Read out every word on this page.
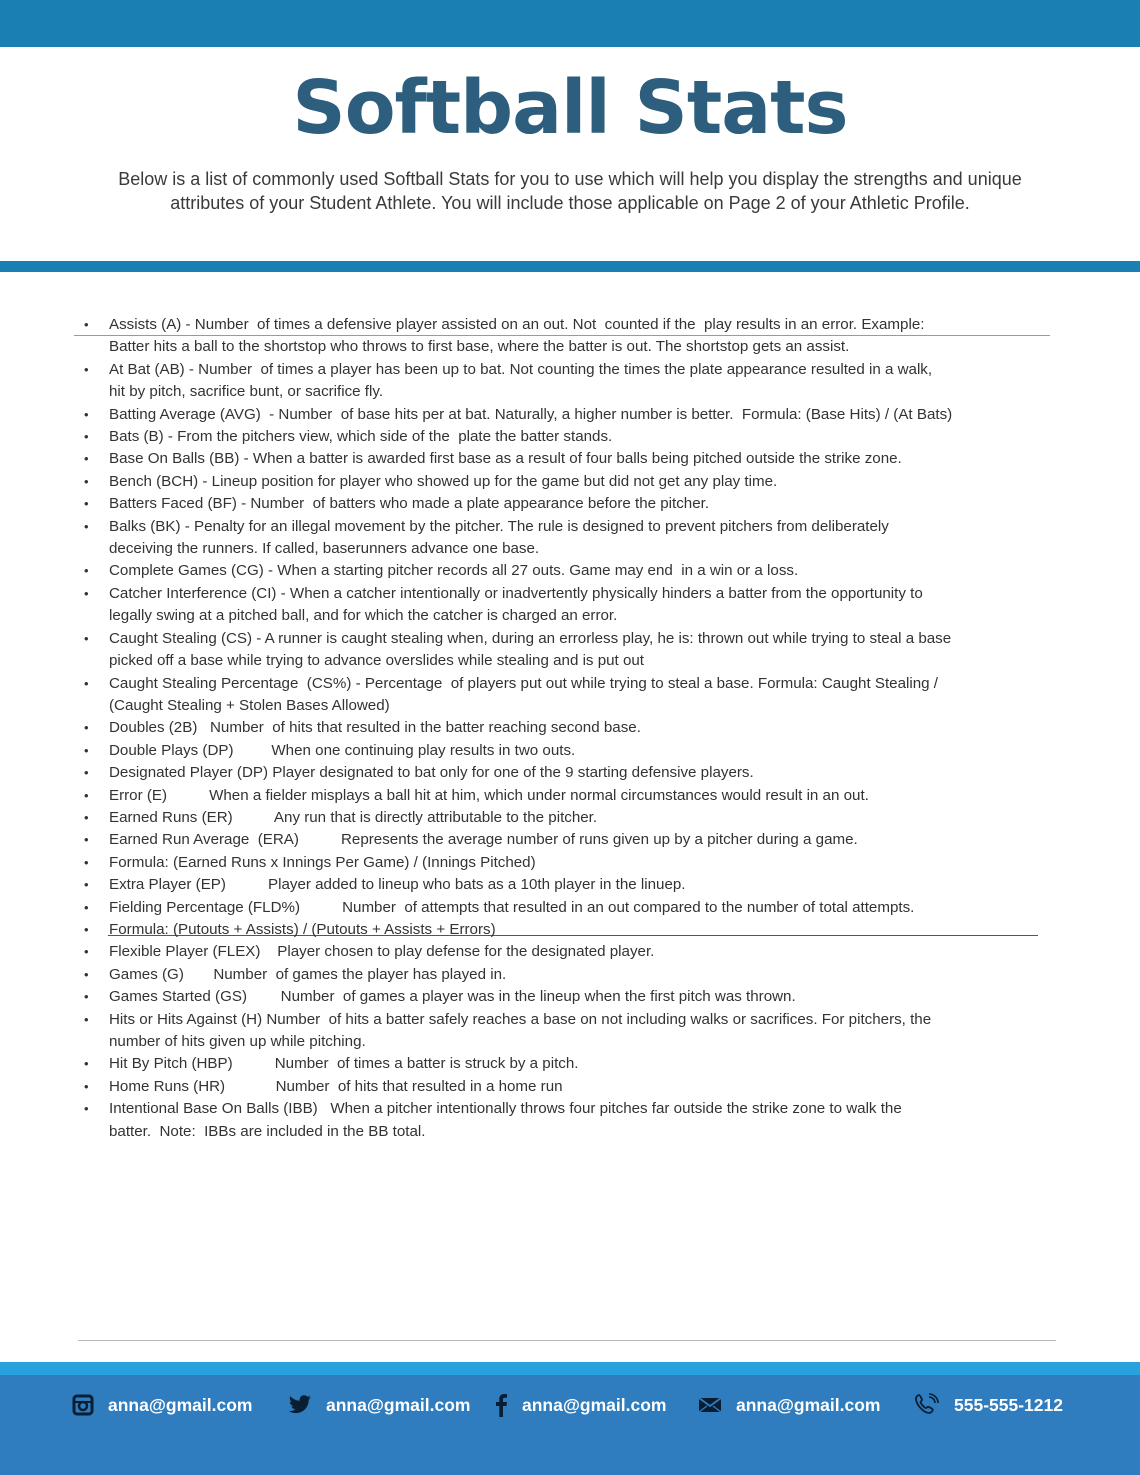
Softball Stats
Below is a list of commonly used Softball Stats for you to use which will help you display the strengths and unique
attributes of your Student Athlete. You will include those applicable on Page 2 of your Athletic Profile.
• Assists (A) - Number  of times a defensive player assisted on an out. Not  counted if the  play results in an error. Example:
Batter hits a ball to the shortstop who throws to first base, where the batter is out. The shortstop gets an assist.
• At Bat (AB) - Number  of times a player has been up to bat. Not counting the times the plate appearance resulted in a walk,
hit by pitch, sacrifice bunt, or sacrifice fly.
• Batting Average (AVG)  - Number  of base hits per at bat. Naturally, a higher number is better.  Formula: (Base Hits) / (At Bats)
• Bats (B) - From the pitchers view, which side of the  plate the batter stands.
• Base On Balls (BB) - When a batter is awarded first base as a result of four balls being pitched outside the strike zone.
• Bench (BCH) - Lineup position for player who showed up for the game but did not get any play time.
• Batters Faced (BF) - Number  of batters who made a plate appearance before the pitcher.
• Balks (BK) - Penalty for an illegal movement by the pitcher. The rule is designed to prevent pitchers from deliberately
deceiving the runners. If called, baserunners advance one base.
• Complete Games (CG) - When a starting pitcher records all 27 outs. Game may end  in a win or a loss.
• Catcher Interference (CI) - When a catcher intentionally or inadvertently physically hinders a batter from the opportunity to
legally swing at a pitched ball, and for which the catcher is charged an error.
• Caught Stealing (CS) - A runner is caught stealing when, during an errorless play, he is: thrown out while trying to steal a base
picked off a base while trying to advance overslides while stealing and is put out
• Caught Stealing Percentage  (CS%) - Percentage  of players put out while trying to steal a base. Formula: Caught Stealing /
(Caught Stealing + Stolen Bases Allowed)
• Doubles (2B)   Number  of hits that resulted in the batter reaching second base.
• Double Plays (DP)         When one continuing play results in two outs.
• Designated Player (DP) Player designated to bat only for one of the 9 starting defensive players.
• Error (E)          When a fielder misplays a ball hit at him, which under normal circumstances would result in an out.
• Earned Runs (ER)          Any run that is directly attributable to the pitcher.
• Earned Run Average  (ERA)          Represents the average number of runs given up by a pitcher during a game.
• Formula: (Earned Runs x Innings Per Game) / (Innings Pitched)
• Extra Player (EP)          Player added to lineup who bats as a 10th player in the linuep.
• Fielding Percentage (FLD%)          Number  of attempts that resulted in an out compared to the number of total attempts.
• Formula: (Putouts + Assists) / (Putouts + Assists + Errors)
• Flexible Player (FLEX)    Player chosen to play defense for the designated player.
• Games (G)       Number  of games the player has played in.
• Games Started (GS)        Number  of games a player was in the lineup when the first pitch was thrown.
• Hits or Hits Against (H) Number  of hits a batter safely reaches a base on not including walks or sacrifices. For pitchers, the
number of hits given up while pitching.
• Hit By Pitch (HBP)          Number  of times a batter is struck by a pitch.
• Home Runs (HR)            Number  of hits that resulted in a home run
• Intentional Base On Balls (IBB)   When a pitcher intentionally throws four pitches far outside the strike zone to walk the
batter.  Note:  IBBs are included in the BB total.
anna@gmail.com	anna@gmail.com	anna@gmail.com	anna@gmail.com	555-555-1212
